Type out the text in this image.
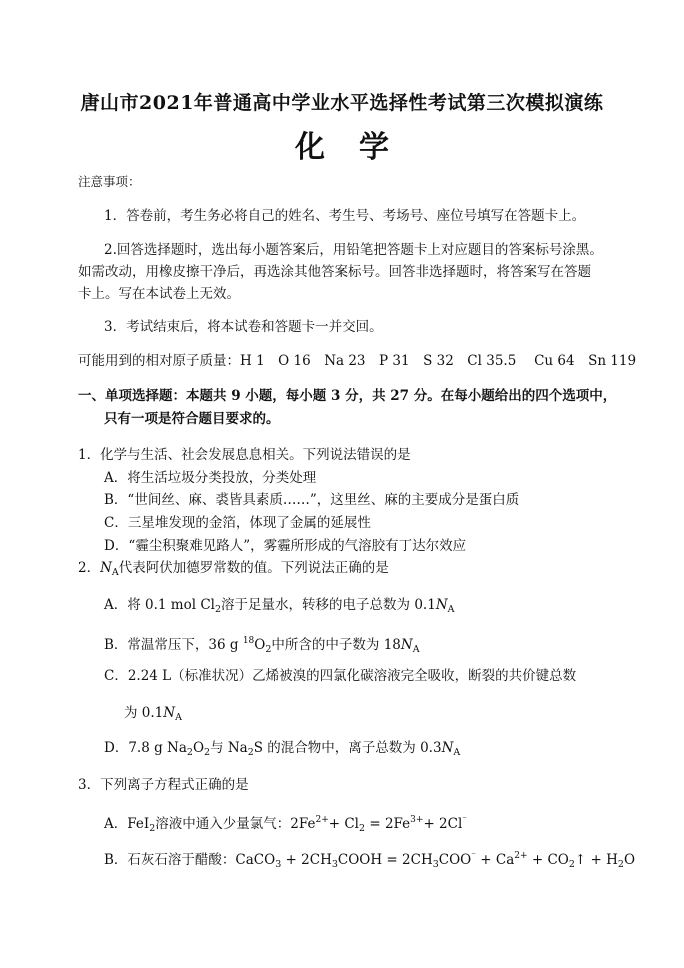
唐山市2021年普通高中学业水平选择性考试第三次模拟演练
化学
注意事项：
1．答卷前，考生务必将自己的姓名、考生号、考场号、座位号填写在答题卡上。
2.回答选择题时，选出每小题答案后，用铅笔把答题卡上对应题目的答案标号涂黑。
如需改动，用橡皮擦干净后，再选涂其他答案标号。回答非选择题时，将答案写在答题
卡上。写在本试卷上无效。
3．考试结束后，将本试卷和答题卡一并交回。
可能用到的相对原子质量：H 1　O 16　Na 23　P 31　S 32　Cl 35.5　 Cu 64　Sn 119
一、单项选择题：本题共 9 小题，每小题 3 分，共 27 分。在每小题给出的四个选项中，
只有一项是符合题目要求的。
1．化学与生活、社会发展息息相关。下列说法错误的是
A．将生活垃圾分类投放，分类处理
B．“世间丝、麻、裘皆具素质……”，这里丝、麻的主要成分是蛋白质
C．三星堆发现的金箔，体现了金属的延展性
D．“霾尘积聚难见路人”，雾霾所形成的气溶胶有丁达尔效应
2．$N_A$代表阿伏加德罗常数的值。下列说法正确的是
A．将 0.1 mol $Cl_2$溶于足量水，转移的电子总数为 $0.1N_A$
B．常温常压下，36 g $^{18}O_2$中所含的中子数为 $18N_A$
C．2.24 L（标准状况）乙烯被溴的四氯化碳溶液完全吸收，断裂的共价键总数
为 $0.1N_A$
D．7.8 g $Na_2O_2$与 $Na_2S$ 的混合物中，离子总数为 $0.3N_A$
3．下列离子方程式正确的是
A．FeI$_2$溶液中通入少量氯气：$2Fe^{2+}+ Cl_2 = 2Fe^{3+}+ 2Cl^{^-}$
B．石灰石溶于醋酸：CaCO$_3$ + $2CH_3COOH = 2CH_3COO^{^-} + Ca^{2+}$ + $CO_2↑ + H_2O$
